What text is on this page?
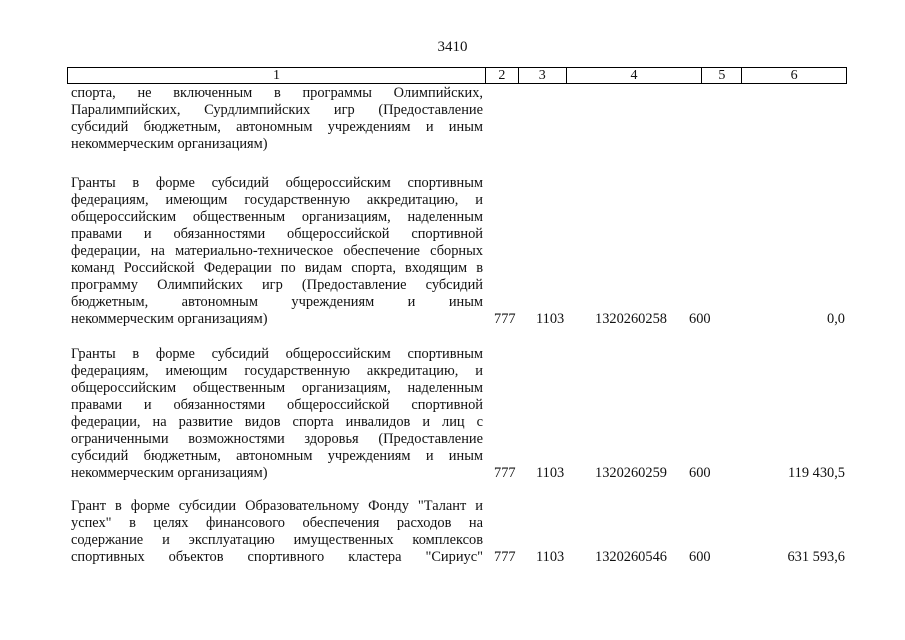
3410
1	2	3	4	5	6
спорта, не включенным в программы Олимпийских,
Паралимпийских, Сурдлимпийских игр (Предоставление
субсидий бюджетным, автономным учреждениям и иным
некоммерческим организациям)
Гранты в форме субсидий общероссийским спортивным
федерациям, имеющим государственную аккредитацию, и
общероссийским общественным организациям, наделенным
правами и обязанностями общероссийской спортивной
федерации, на материально-техническое обеспечение сборных
команд Российской Федерации по видам спорта, входящим в
программу Олимпийских игр (Предоставление субсидий
бюджетным, автономным учреждениям и иным
некоммерческим организациям)	777 1103 1320260258 600	0,0
Гранты в форме субсидий общероссийским спортивным
федерациям, имеющим государственную аккредитацию, и
общероссийским общественным организациям, наделенным
правами и обязанностями общероссийской спортивной
федерации, на развитие видов спорта инвалидов и лиц с
ограниченными возможностями здоровья (Предоставление
субсидий бюджетным, автономным учреждениям и иным
некоммерческим организациям)	777 1103 1320260259 600	119 430,5
Грант в форме субсидии Образовательному Фонду "Талант и
успех" в целях финансового обеспечения расходов на
содержание и эксплуатацию имущественных комплексов
спортивных объектов спортивного кластера "Сириус" 777 1103 1320260546 600	631 593,6
